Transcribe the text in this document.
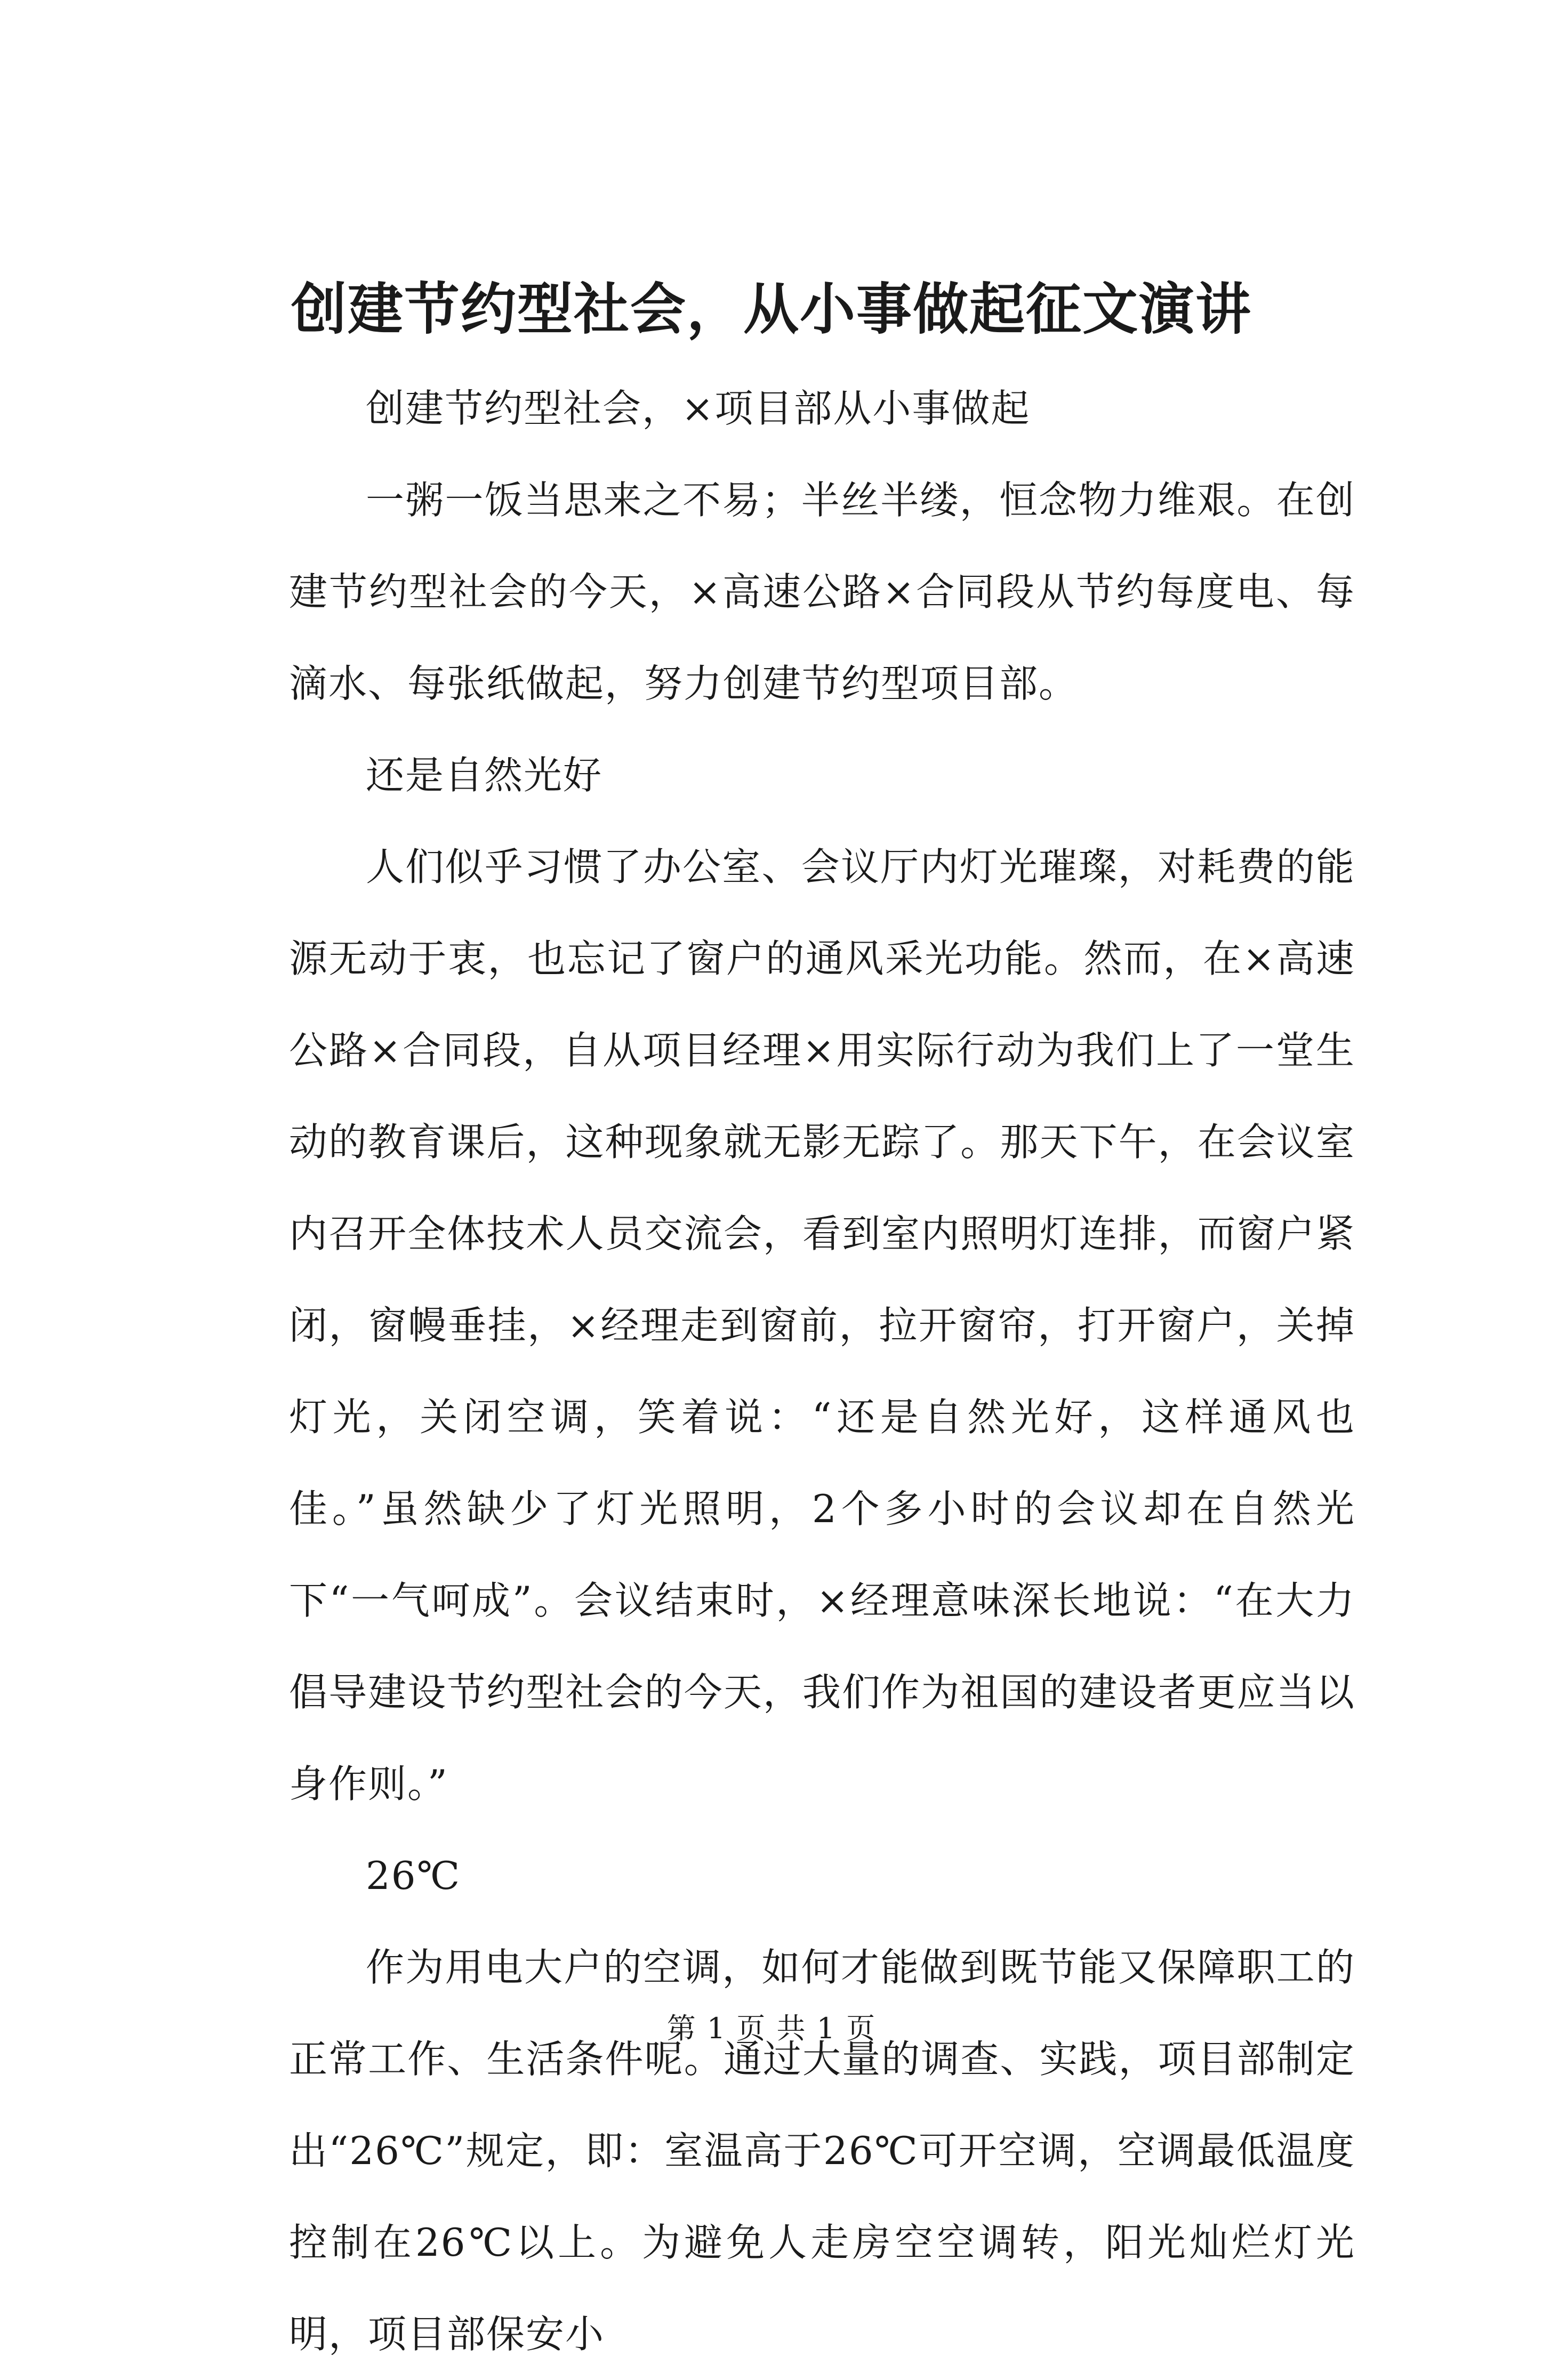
创建节约型社会，从小事做起征文演讲

创建节约型社会，×项目部从小事做起

一粥一饭当思来之不易；半丝半缕，恒念物力维艰。在创建节约型社会的今天，×高速公路×合同段从节约每度电、每滴水、每张纸做起，努力创建节约型项目部。

还是自然光好

人们似乎习惯了办公室、会议厅内灯光璀璨，对耗费的能源无动于衷，也忘记了窗户的通风采光功能。然而，在×高速公路×合同段，自从项目经理×用实际行动为我们上了一堂生动的教育课后，这种现象就无影无踪了。那天下午，在会议室内召开全体技术人员交流会，看到室内照明灯连排，而窗户紧闭，窗幔垂挂，×经理走到窗前，拉开窗帘，打开窗户，关掉灯光，关闭空调，笑着说：“还是自然光好，这样通风也佳。”虽然缺少了灯光照明，2个多小时的会议却在自然光下“一气呵成”。会议结束时，×经理意味深长地说：“在大力倡导建设节约型社会的今天，我们作为祖国的建设者更应当以身作则。”

26℃

作为用电大户的空调，如何才能做到既节能又保障职工的正常工作、生活条件呢。通过大量的调查、实践，项目部制定出“26℃”规定，即：室温高于26℃可开空调，空调最低温度控制在26℃以上。为避免人走房空空调转，阳光灿烂灯光明，项目部保安小

第 1 页 共 1 页
